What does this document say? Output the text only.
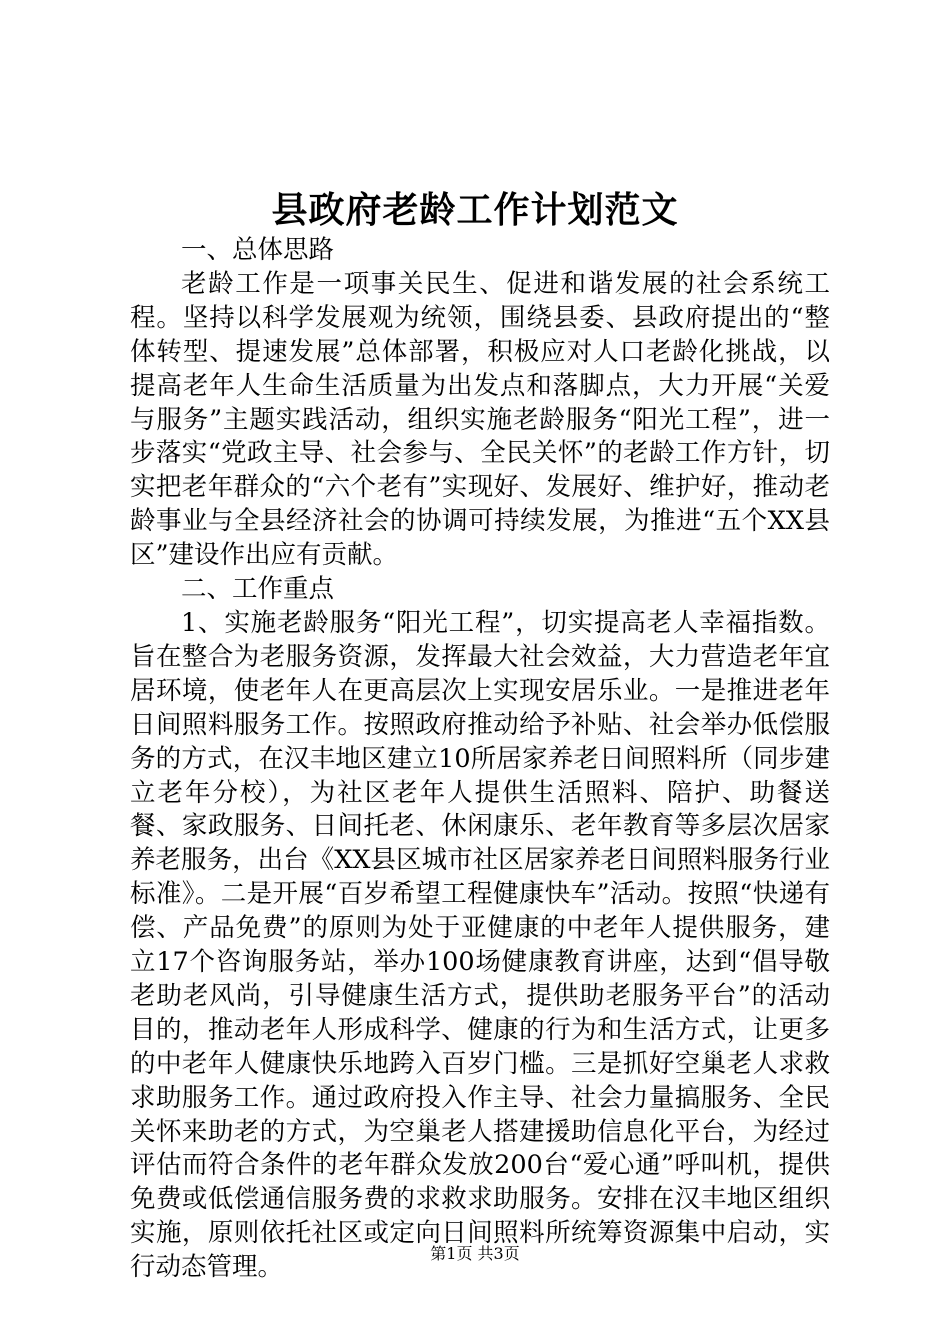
县政府老龄工作计划范文

一、总体思路

老龄工作是一项事关民生、促进和谐发展的社会系统工程。坚持以科学发展观为统领，围绕县委、县政府提出的“整体转型、提速发展”总体部署，积极应对人口老龄化挑战，以提高老年人生命生活质量为出发点和落脚点，大力开展“关爱与服务”主题实践活动，组织实施老龄服务“阳光工程”，进一步落实“党政主导、社会参与、全民关怀”的老龄工作方针，切实把老年群众的“六个老有”实现好、发展好、维护好，推动老龄事业与全县经济社会的协调可持续发展，为推进“五个XX县区”建设作出应有贡献。

二、工作重点

1、实施老龄服务“阳光工程”，切实提高老人幸福指数。旨在整合为老服务资源，发挥最大社会效益，大力营造老年宜居环境，使老年人在更高层次上实现安居乐业。一是推进老年日间照料服务工作。按照政府推动给予补贴、社会举办低偿服务的方式，在汉丰地区建立10所居家养老日间照料所（同步建立老年分校），为社区老年人提供生活照料、陪护、助餐送餐、家政服务、日间托老、休闲康乐、老年教育等多层次居家养老服务，出台《XX县区城市社区居家养老日间照料服务行业标准》。二是开展“百岁希望工程健康快车”活动。按照“快递有偿、产品免费”的原则为处于亚健康的中老年人提供服务，建立17个咨询服务站，举办100场健康教育讲座，达到“倡导敬老助老风尚，引导健康生活方式，提供助老服务平台”的活动目的，推动老年人形成科学、健康的行为和生活方式，让更多的中老年人健康快乐地跨入百岁门槛。三是抓好空巢老人求救求助服务工作。通过政府投入作主导、社会力量搞服务、全民关怀来助老的方式，为空巢老人搭建援助信息化平台，为经过评估而符合条件的老年群众发放200台“爱心通”呼叫机，提供免费或低偿通信服务费的求救求助服务。安排在汉丰地区组织实施，原则依托社区或定向日间照料所统筹资源集中启动，实行动态管理。	第1页 共3页
